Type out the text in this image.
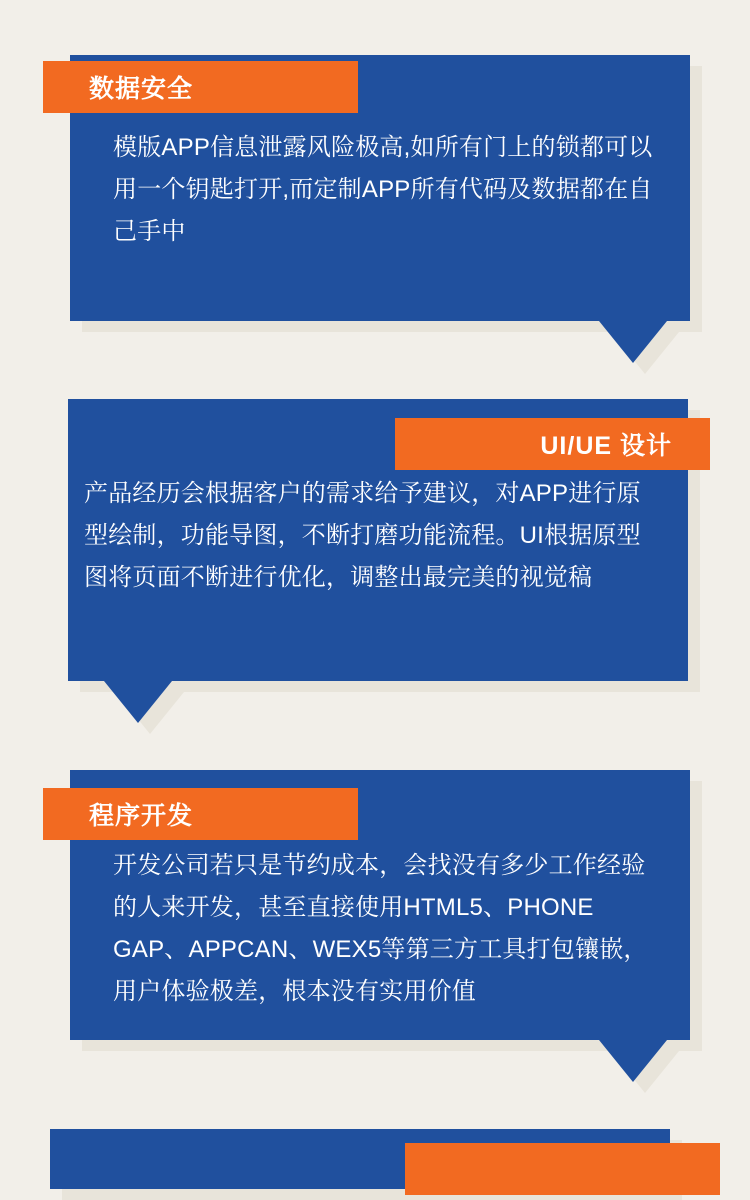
数据安全
模版APP信息泄露风险极高,如所有门上的锁都可以用一个钥匙打开,而定制APP所有代码及数据都在自己手中
UI/UE 设计
产品经历会根据客户的需求给予建议，对APP进行原型绘制，功能导图，不断打磨功能流程。UI根据原型图将页面不断进行优化，调整出最完美的视觉稿
程序开发
开发公司若只是节约成本，会找没有多少工作经验的人来开发，甚至直接使用HTML5、PHONE GAP、APPCAN、WEX5等第三方工具打包镶嵌，用户体验极差，根本没有实用价值
